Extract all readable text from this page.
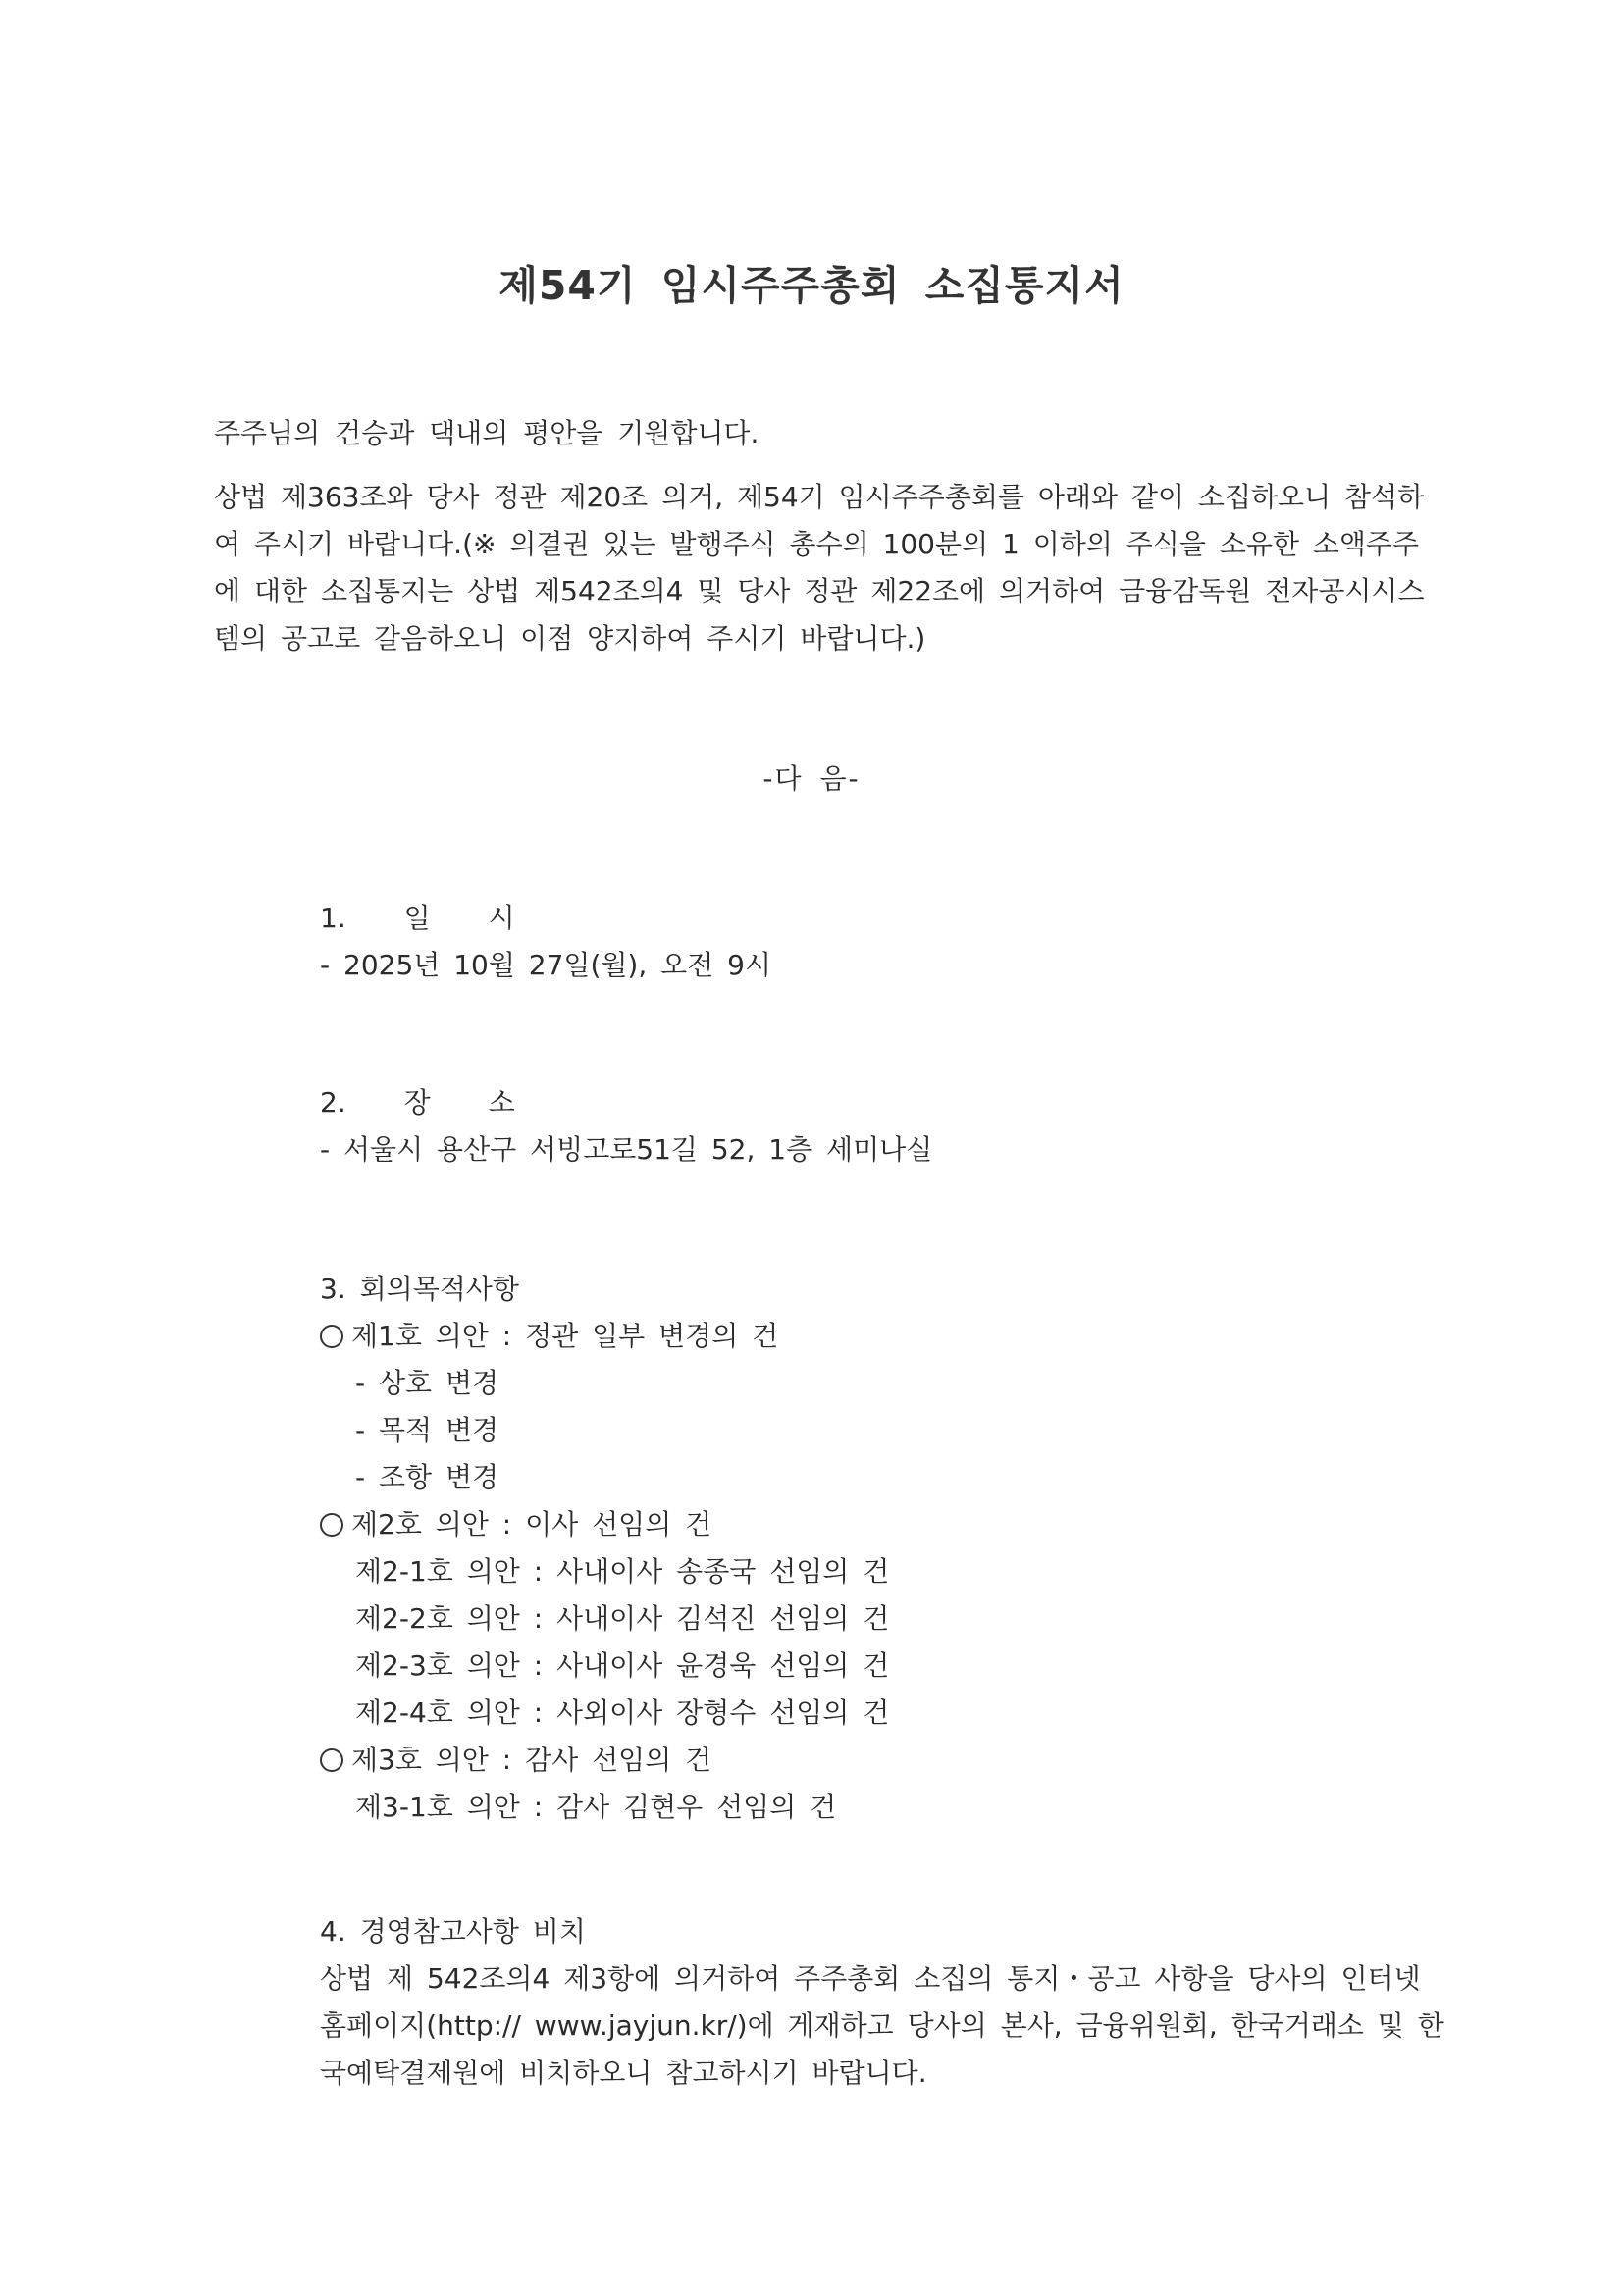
제54기 임시주주총회 소집통지서
주주님의 건승과 댁내의 평안을 기원합니다.
상법 제363조와 당사 정관 제20조 의거, 제54기 임시주주총회를 아래와 같이 소집하오니 참석하
여 주시기 바랍니다.(※ 의결권 있는 발행주식 총수의 100분의 1 이하의 주식을 소유한 소액주주
에 대한 소집통지는 상법 제542조의4 및 당사 정관 제22조에 의거하여 금융감독원 전자공시시스
템의 공고로 갈음하오니 이점 양지하여 주시기 바랍니다.)
-다 음-
1. 일 시
- 2025년 10월 27일(월), 오전 9시
2. 장 소
- 서울시 용산구 서빙고로51길 52, 1층 세미나실
3. 회의목적사항
제1호 의안 : 정관 일부 변경의 건
- 상호 변경
- 목적 변경
- 조항 변경
제2호 의안 : 이사 선임의 건
제2-1호 의안 : 사내이사 송종국 선임의 건
제2-2호 의안 : 사내이사 김석진 선임의 건
제2-3호 의안 : 사내이사 윤경욱 선임의 건
제2-4호 의안 : 사외이사 장형수 선임의 건
제3호 의안 : 감사 선임의 건
제3-1호 의안 : 감사 김현우 선임의 건
4. 경영참고사항 비치
상법 제 542조의4 제3항에 의거하여 주주총회 소집의 통지・공고 사항을 당사의 인터넷
홈페이지(http:// www.jayjun.kr/)에 게재하고 당사의 본사, 금융위원회, 한국거래소 및 한
국예탁결제원에 비치하오니 참고하시기 바랍니다.
